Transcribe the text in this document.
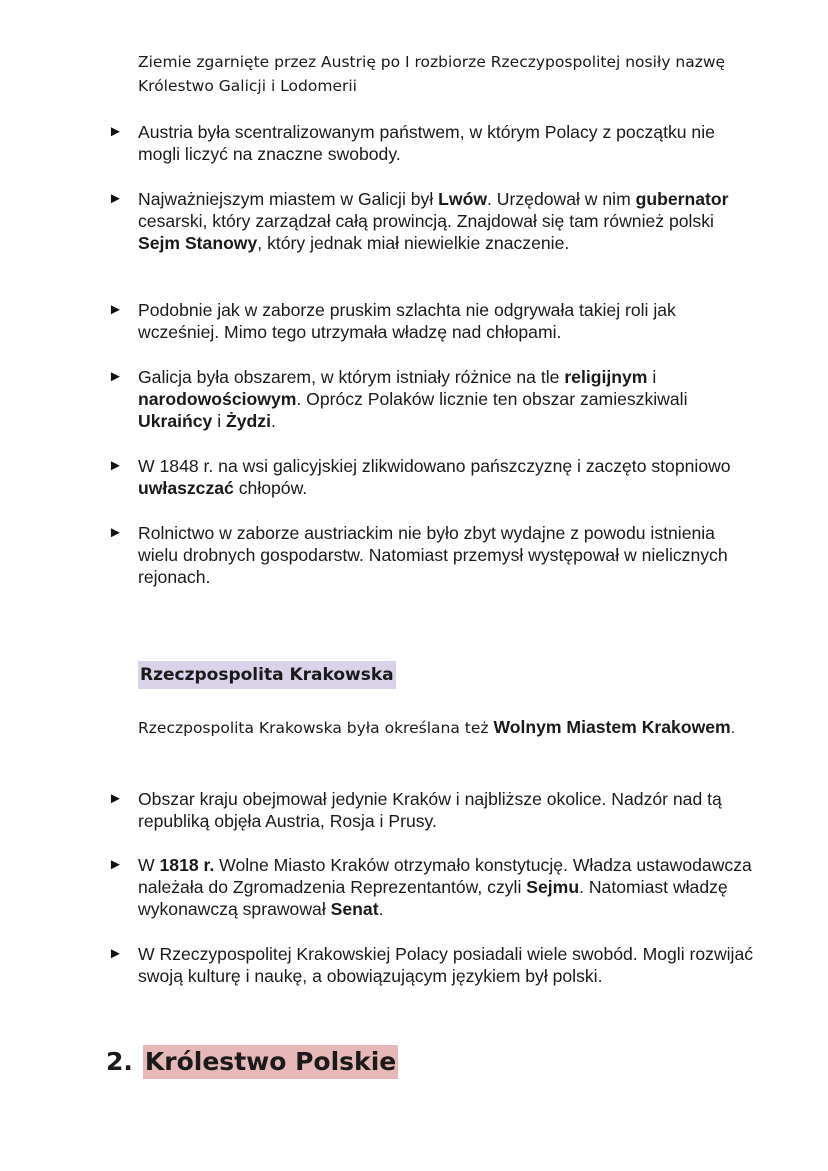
Ziemie zgarnięte przez Austrię po I rozbiorze Rzeczypospolitej nosiły nazwę Królestwo Galicji i Lodomerii
► Austria była scentralizowanym państwem, w którym Polacy z początku nie mogli liczyć na znaczne swobody.
► Najważniejszym miastem w Galicji był Lwów. Urzędował w nim gubernator cesarski, który zarządzał całą prowincją. Znajdował się tam również polski Sejm Stanowy, który jednak miał niewielkie znaczenie.
► Podobnie jak w zaborze pruskim szlachta nie odgrywała takiej roli jak wcześniej. Mimo tego utrzymała władzę nad chłopami.
► Galicja była obszarem, w którym istniały różnice na tle religijnym i narodowościowym. Oprócz Polaków licznie ten obszar zamieszkiwali Ukraińcy i Żydzi.
► W 1848 r. na wsi galicyjskiej zlikwidowano pańszczyznę i zaczęto stopniowo uwłaszczać chłopów.
► Rolnictwo w zaborze austriackim nie było zbyt wydajne z powodu istnienia wielu drobnych gospodarstw. Natomiast przemysł występował w nielicznych rejonach.
Rzeczpospolita Krakowska
Rzeczpospolita Krakowska była określana też Wolnym Miastem Krakowem.
► Obszar kraju obejmował jedynie Kraków i najbliższe okolice. Nadzór nad tą republiką objęła Austria, Rosja i Prusy.
► W 1818 r. Wolne Miasto Kraków otrzymało konstytucję. Władza ustawodawcza należała do Zgromadzenia Reprezentantów, czyli Sejmu. Natomiast władzę wykonawczą sprawował Senat.
► W Rzeczypospolitej Krakowskiej Polacy posiadali wiele swobód. Mogli rozwijać swoją kulturę i naukę, a obowiązującym językiem był polski.
2. Królestwo Polskie
